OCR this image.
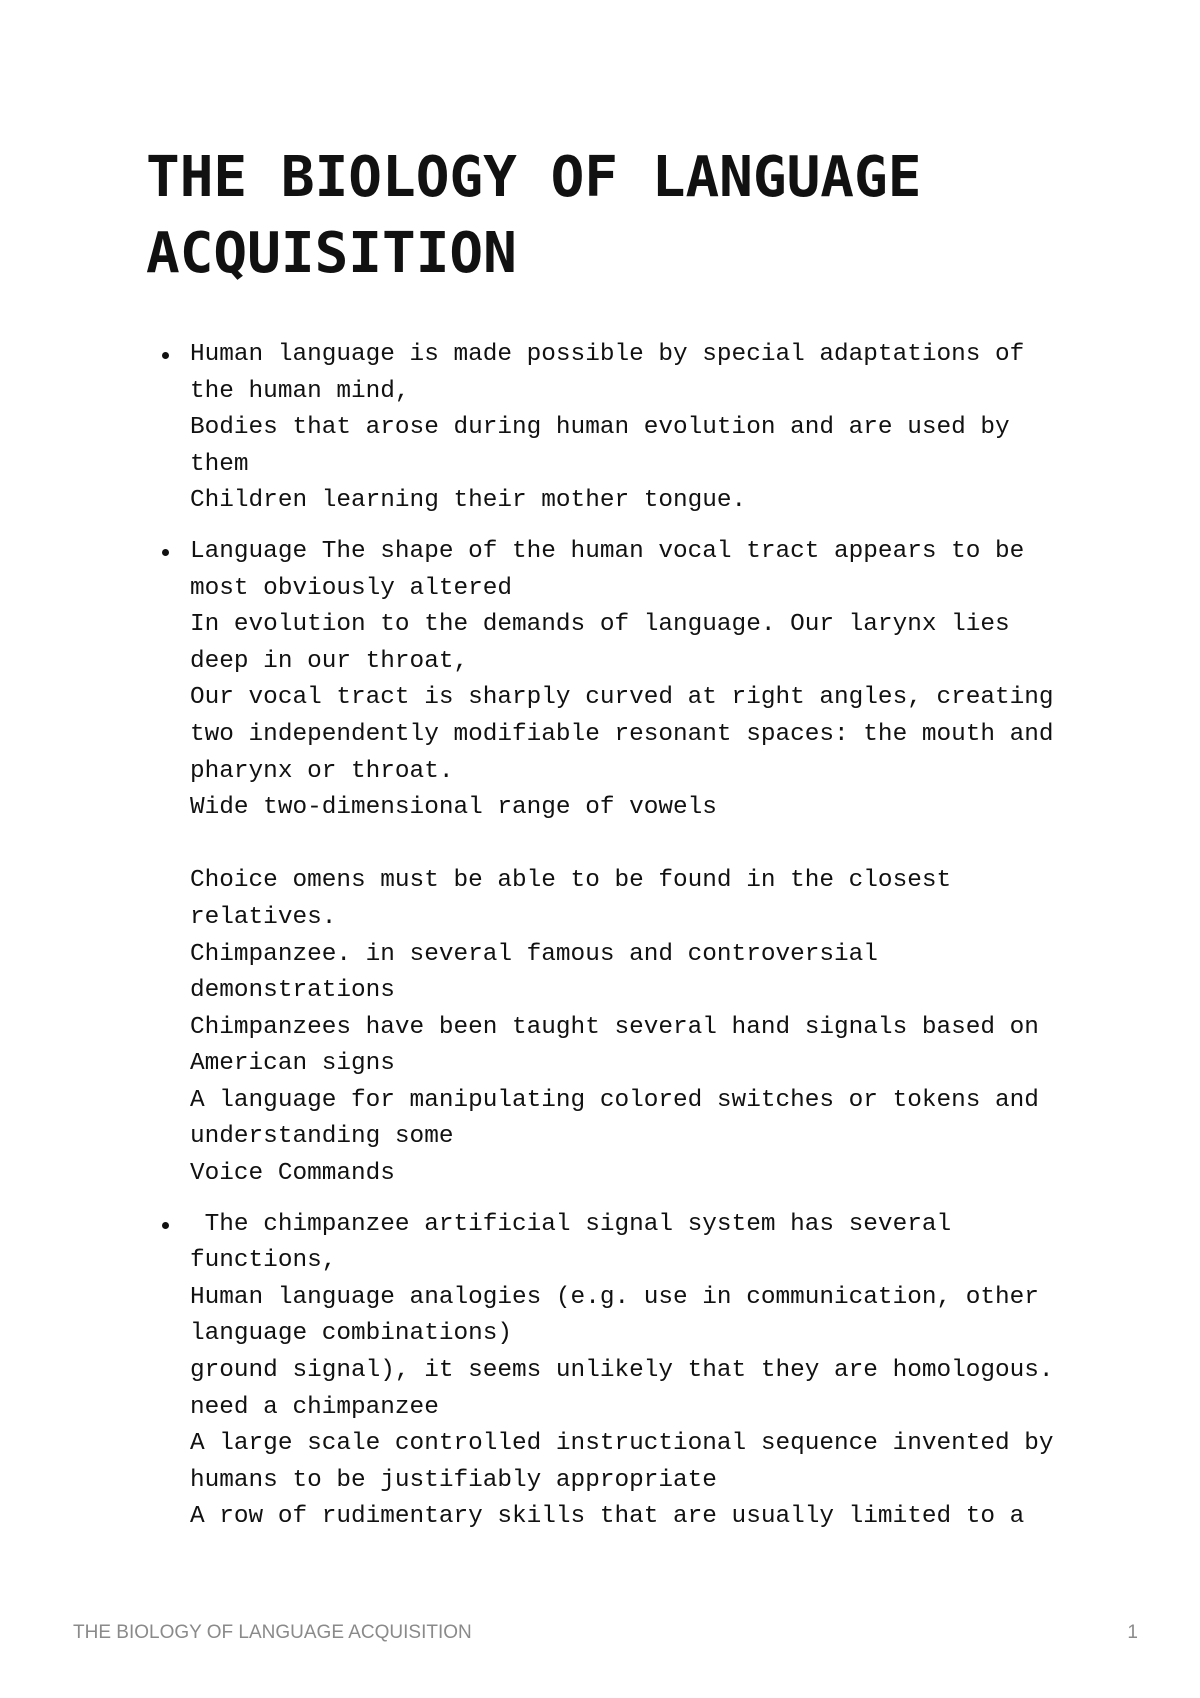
THE BIOLOGY OF LANGUAGE
ACQUISITION
Human language is made possible by special adaptations of
the human mind,
Bodies that arose during human evolution and are used by
them
Children learning their mother tongue.
Language The shape of the human vocal tract appears to be
most obviously altered
In evolution to the demands of language. Our larynx lies
deep in our throat,
Our vocal tract is sharply curved at right angles, creating
two independently modifiable resonant spaces: the mouth and
pharynx or throat.
Wide two-dimensional range of vowels
Choice omens must be able to be found in the closest
relatives.
Chimpanzee. in several famous and controversial
demonstrations
Chimpanzees have been taught several hand signals based on
American signs
A language for manipulating colored switches or tokens and
understanding some
Voice Commands
The chimpanzee artificial signal system has several
functions,
Human language analogies (e.g. use in communication, other
language combinations)
ground signal), it seems unlikely that they are homologous.
need a chimpanzee
A large scale controlled instructional sequence invented by
humans to be justifiably appropriate
A row of rudimentary skills that are usually limited to a
THE BIOLOGY OF LANGUAGE ACQUISITION	1
